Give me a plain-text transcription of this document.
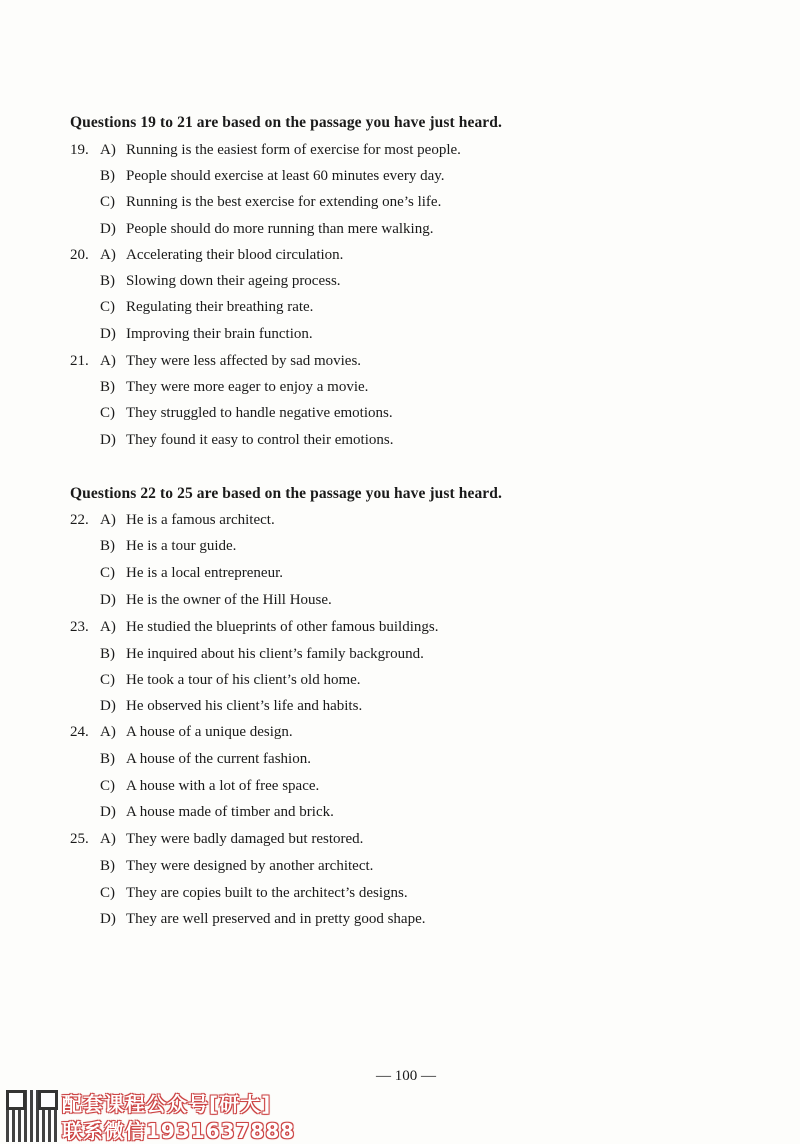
Questions 19 to 21 are based on the passage you have just heard.
19. A) Running is the easiest form of exercise for most people.
B) People should exercise at least 60 minutes every day.
C) Running is the best exercise for extending one’s life.
D) People should do more running than mere walking.
20. A) Accelerating their blood circulation.
B) Slowing down their ageing process.
C) Regulating their breathing rate.
D) Improving their brain function.
21. A) They were less affected by sad movies.
B) They were more eager to enjoy a movie.
C) They struggled to handle negative emotions.
D) They found it easy to control their emotions.
Questions 22 to 25 are based on the passage you have just heard.
22. A) He is a famous architect.
B) He is a tour guide.
C) He is a local entrepreneur.
D) He is the owner of the Hill House.
23. A) He studied the blueprints of other famous buildings.
B) He inquired about his client’s family background.
C) He took a tour of his client’s old home.
D) He observed his client’s life and habits.
24. A) A house of a unique design.
B) A house of the current fashion.
C) A house with a lot of free space.
D) A house made of timber and brick.
25. A) They were badly damaged but restored.
B) They were designed by another architect.
C) They are copies built to the architect’s designs.
D) They are well preserved and in pretty good shape.
— 100 —
配套课程公众号[研大]
联系微信1931637888
